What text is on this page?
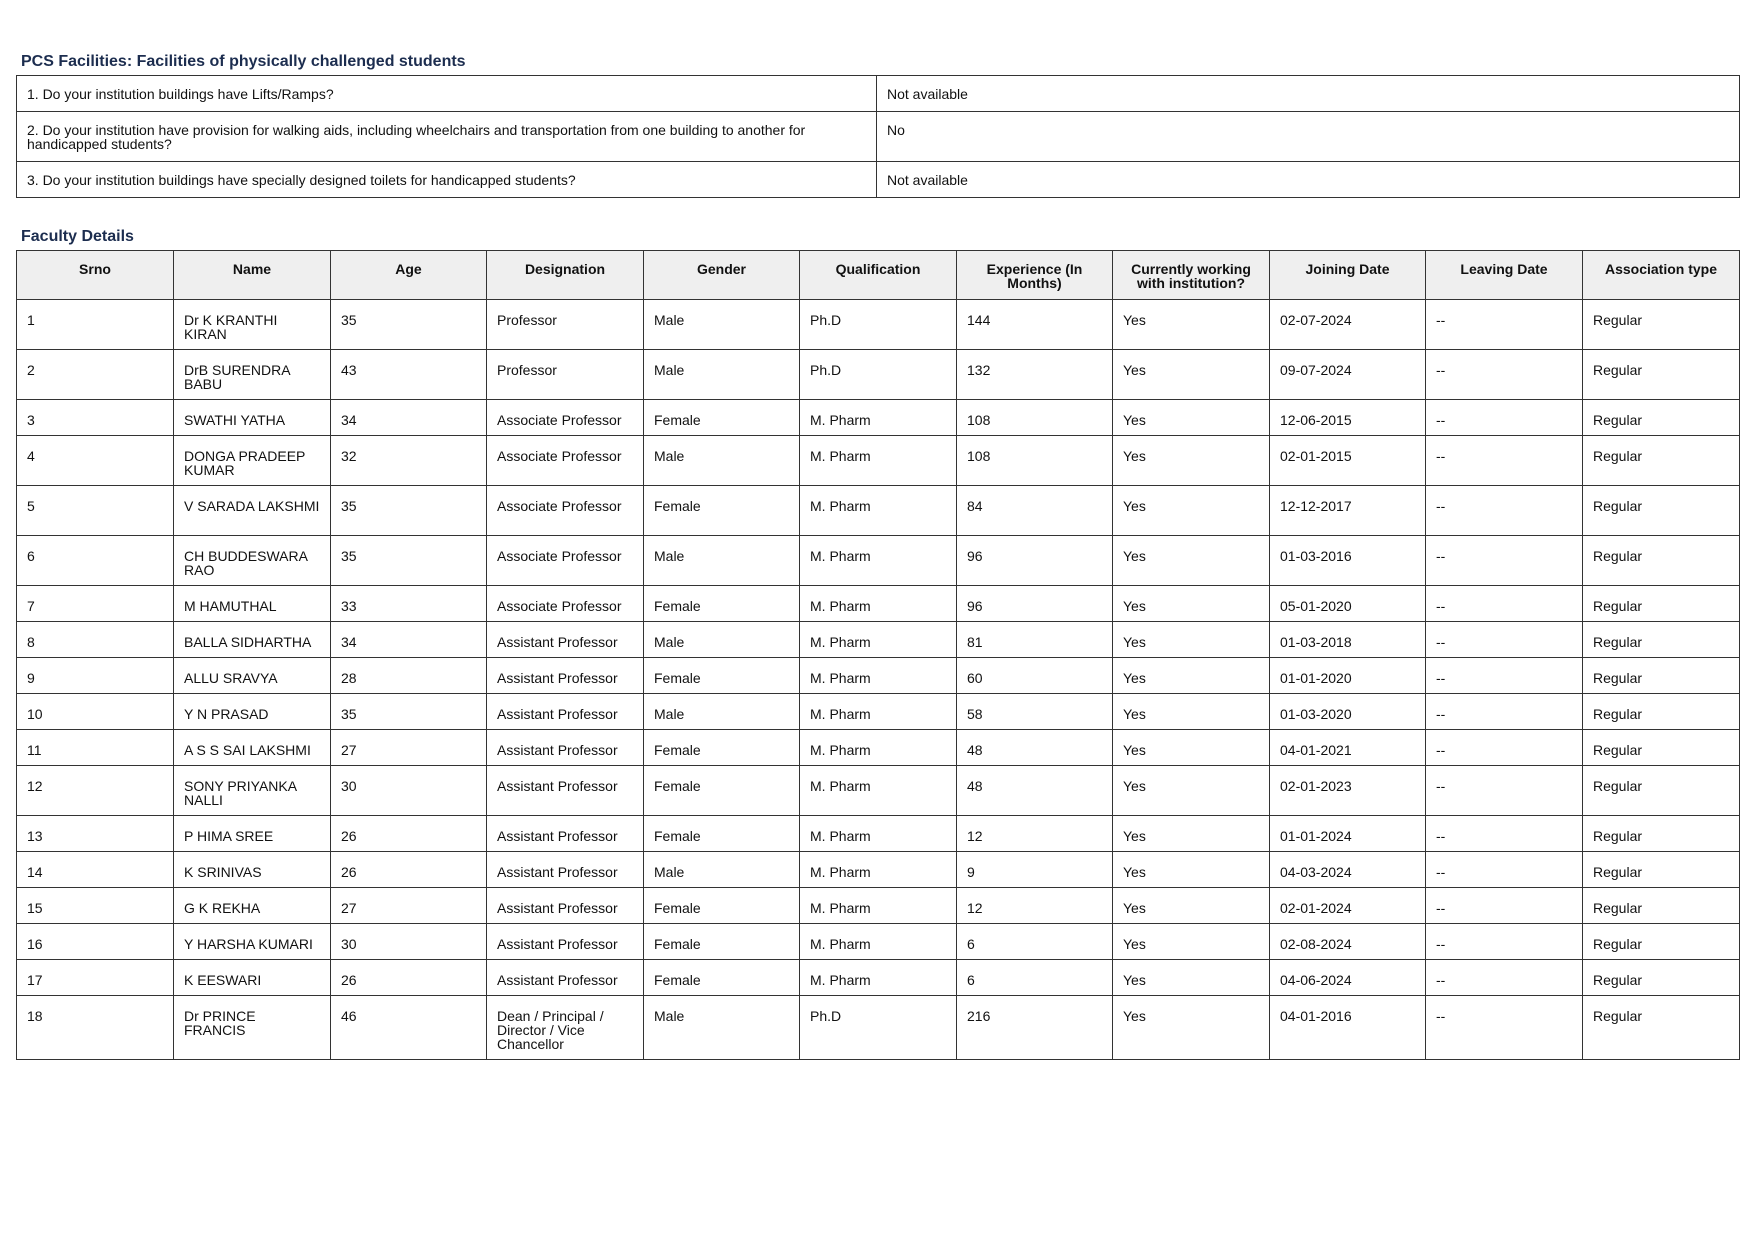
PCS Facilities: Facilities of physically challenged students
1. Do your institution buildings have Lifts/Ramps?	Not available
2. Do your institution have provision for walking aids, including wheelchairs and transportation from one building to another for handicapped students?	No
3. Do your institution buildings have specially designed toilets for handicapped students?	Not available
Faculty Details
Srno	Name	Age	Designation	Gender	Qualification	Experience (In Months)	Currently working with institution?	Joining Date	Leaving Date	Association type
1	Dr K KRANTHI KIRAN	35	Professor	Male	Ph.D	144	Yes	02-07-2024	--	Regular
2	DrB SURENDRA BABU	43	Professor	Male	Ph.D	132	Yes	09-07-2024	--	Regular
3	SWATHI YATHA	34	Associate Professor	Female	M. Pharm	108	Yes	12-06-2015	--	Regular
4	DONGA PRADEEP KUMAR	32	Associate Professor	Male	M. Pharm	108	Yes	02-01-2015	--	Regular
5	V SARADA LAKSHMI	35	Associate Professor	Female	M. Pharm	84	Yes	12-12-2017	--	Regular
6	CH BUDDESWARA RAO	35	Associate Professor	Male	M. Pharm	96	Yes	01-03-2016	--	Regular
7	M HAMUTHAL	33	Associate Professor	Female	M. Pharm	96	Yes	05-01-2020	--	Regular
8	BALLA SIDHARTHA	34	Assistant Professor	Male	M. Pharm	81	Yes	01-03-2018	--	Regular
9	ALLU SRAVYA	28	Assistant Professor	Female	M. Pharm	60	Yes	01-01-2020	--	Regular
10	Y N PRASAD	35	Assistant Professor	Male	M. Pharm	58	Yes	01-03-2020	--	Regular
11	A S S SAI LAKSHMI	27	Assistant Professor	Female	M. Pharm	48	Yes	04-01-2021	--	Regular
12	SONY PRIYANKA NALLI	30	Assistant Professor	Female	M. Pharm	48	Yes	02-01-2023	--	Regular
13	P HIMA SREE	26	Assistant Professor	Female	M. Pharm	12	Yes	01-01-2024	--	Regular
14	K SRINIVAS	26	Assistant Professor	Male	M. Pharm	9	Yes	04-03-2024	--	Regular
15	G K REKHA	27	Assistant Professor	Female	M. Pharm	12	Yes	02-01-2024	--	Regular
16	Y HARSHA KUMARI	30	Assistant Professor	Female	M. Pharm	6	Yes	02-08-2024	--	Regular
17	K EESWARI	26	Assistant Professor	Female	M. Pharm	6	Yes	04-06-2024	--	Regular
18	Dr PRINCE FRANCIS	46	Dean / Principal / Director / Vice Chancellor	Male	Ph.D	216	Yes	04-01-2016	--	Regular
